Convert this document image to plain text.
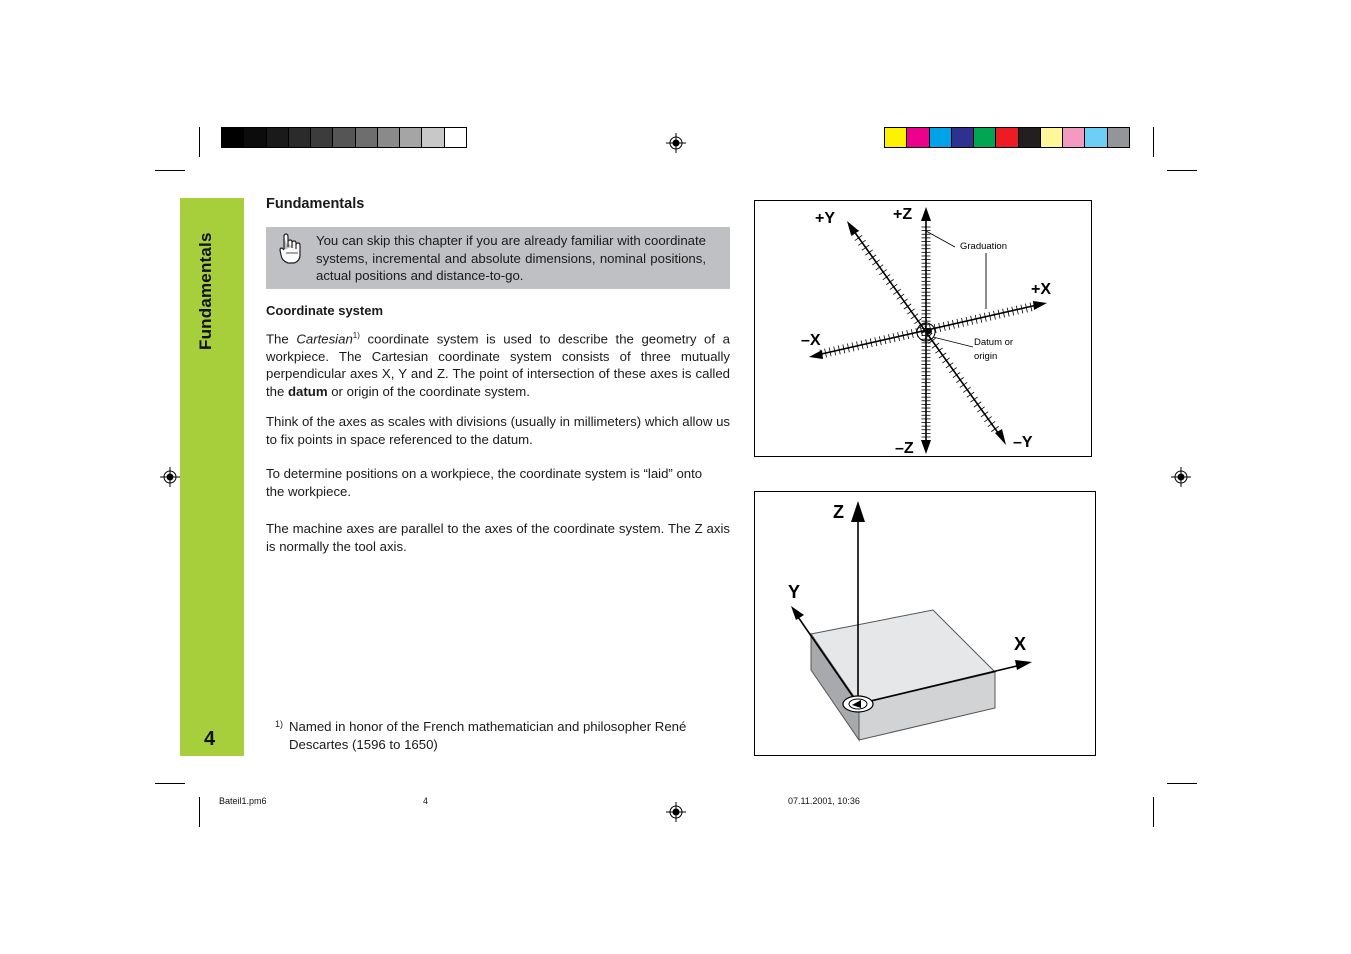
Fundamentals
4
Fundamentals
You can skip this chapter if you are already familiar with coordinate systems, incremental and absolute dimensions, nominal positions, actual positions and distance-to-go.
Coordinate system
The Cartesian$^{1)}$ coordinate system is used to describe the geometry of a workpiece. The Cartesian coordinate system consists of three mutually perpendicular axes X, Y and Z. The point of intersection of these axes is called the datum or origin of the coordinate system.
Think of the axes as scales with divisions (usually in millimeters) which allow us to fix points in space referenced to the datum.
To determine positions on a workpiece, the coordinate system is “laid” onto the workpiece.
The machine axes are parallel to the axes of the coordinate system. The Z axis is normally the tool axis.
1) Named in honor of the French mathematician and philosopher René Descartes (1596 to 1650)
+Y	+Z
+X
–X
–Z	–Y
Graduation
Datum or
origin
Z
Y
X
Bateil1.pm6	4	07.11.2001, 10:36
